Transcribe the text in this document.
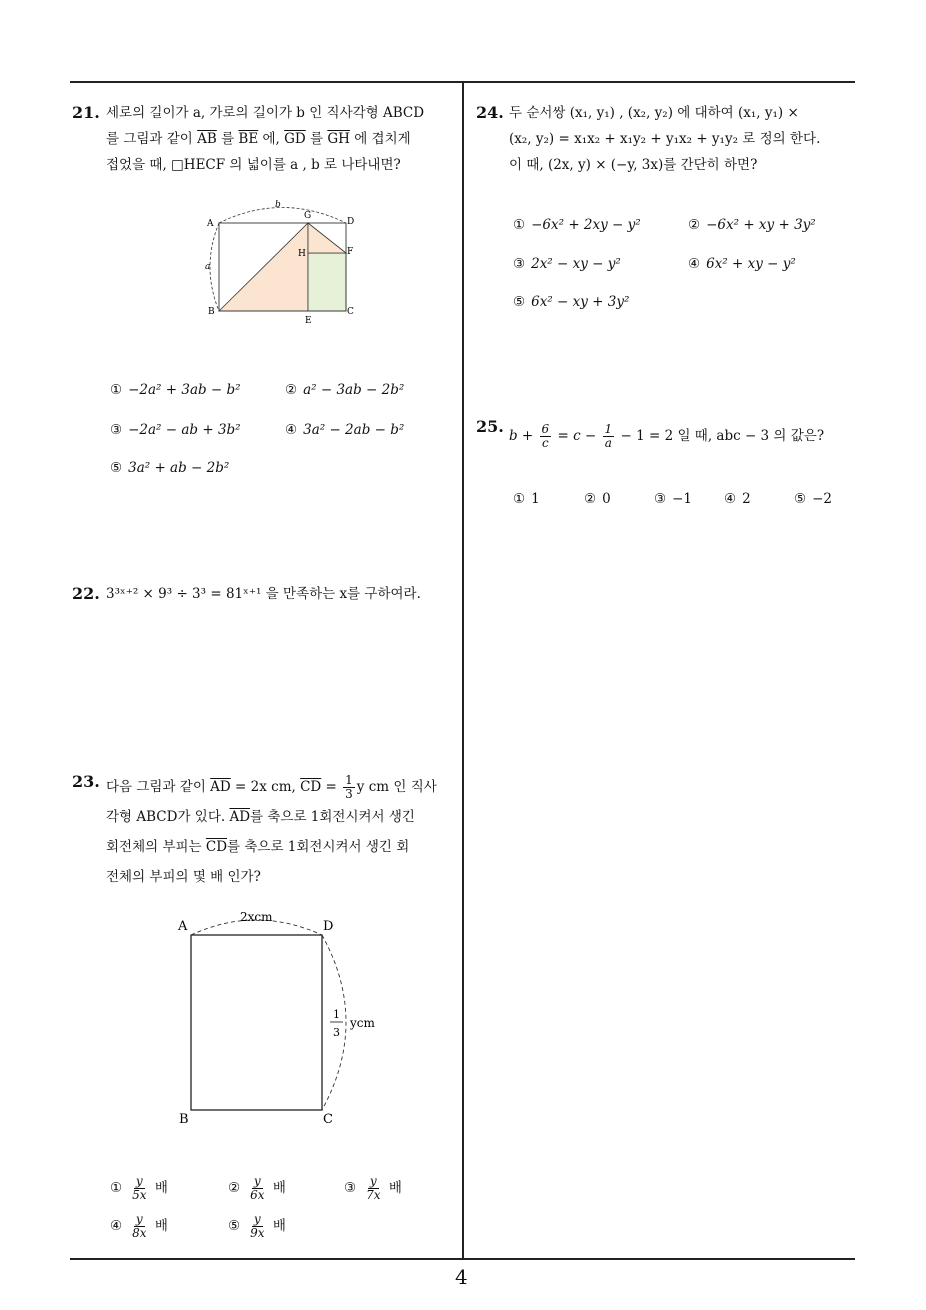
21. 세로의 길이가 a, 가로의 길이가 b 인 직사각형 ABCD
를 그림과 같이 $\overline{AB}$ 를 $\overline{BE}$ 에, $\overline{GD}$ 를 $\overline{GH}$ 에 겹치게
접었을 때, □HECF 의 넓이를 a , b 로 나타내면?
A
G
D
H	F
B
E
C
a
b
① −2a² + 3ab − b²	② a² − 3ab − 2b²
③ −2a² − ab + 3b²	④ 3a² − 2ab − b²
⑤ 3a² + ab − 2b²
22. 3³ˣ⁺² × 9³ ÷ 3³ = 81ˣ⁺¹ 을 만족하는 x를 구하여라.
23. 다음 그림과 같이 $\overline{AD} = 2x$ cm, $\overline{CD} = \frac{1}{3}$ y cm 인 직사
각형 ABCD가 있다. $\overline{AD}$를 축으로 1회전시켜서 생긴
회전체의 부피는 $\overline{CD}$를 축으로 1회전시켜서 생긴 회
전체의 부피의 몇 배 인가?
A	D
B	C
2xcm
1
3
ycm
① $\frac{y}{5x}$ 배	② $\frac{y}{6x}$ 배	③ $\frac{y}{7x}$ 배
④ $\frac{y}{8x}$ 배	⑤ $\frac{y}{9x}$ 배
24. 두 순서쌍 (x₁, y₁) , (x₂, y₂) 에 대하여 (x₁, y₁) ×
(x₂, y₂) = x₁x₂ + x₁y₂ + y₁x₂ + y₁y₂ 로 정의 한다.
이 때, (2x, y) × (−y, 3x)를 간단히 하면?
① −6x² + 2xy − y²	② −6x² + xy + 3y²
③ 2x² − xy − y²	④ 6x² + xy − y²
⑤ 6x² − xy + 3y²
25. $b + \frac{6}{c} = c - \frac{1}{a} - 1 = 2$ 일 때, abc − 3 의 값은?
① 1	② 0	③ −1 ④ 2	⑤ −2
4
